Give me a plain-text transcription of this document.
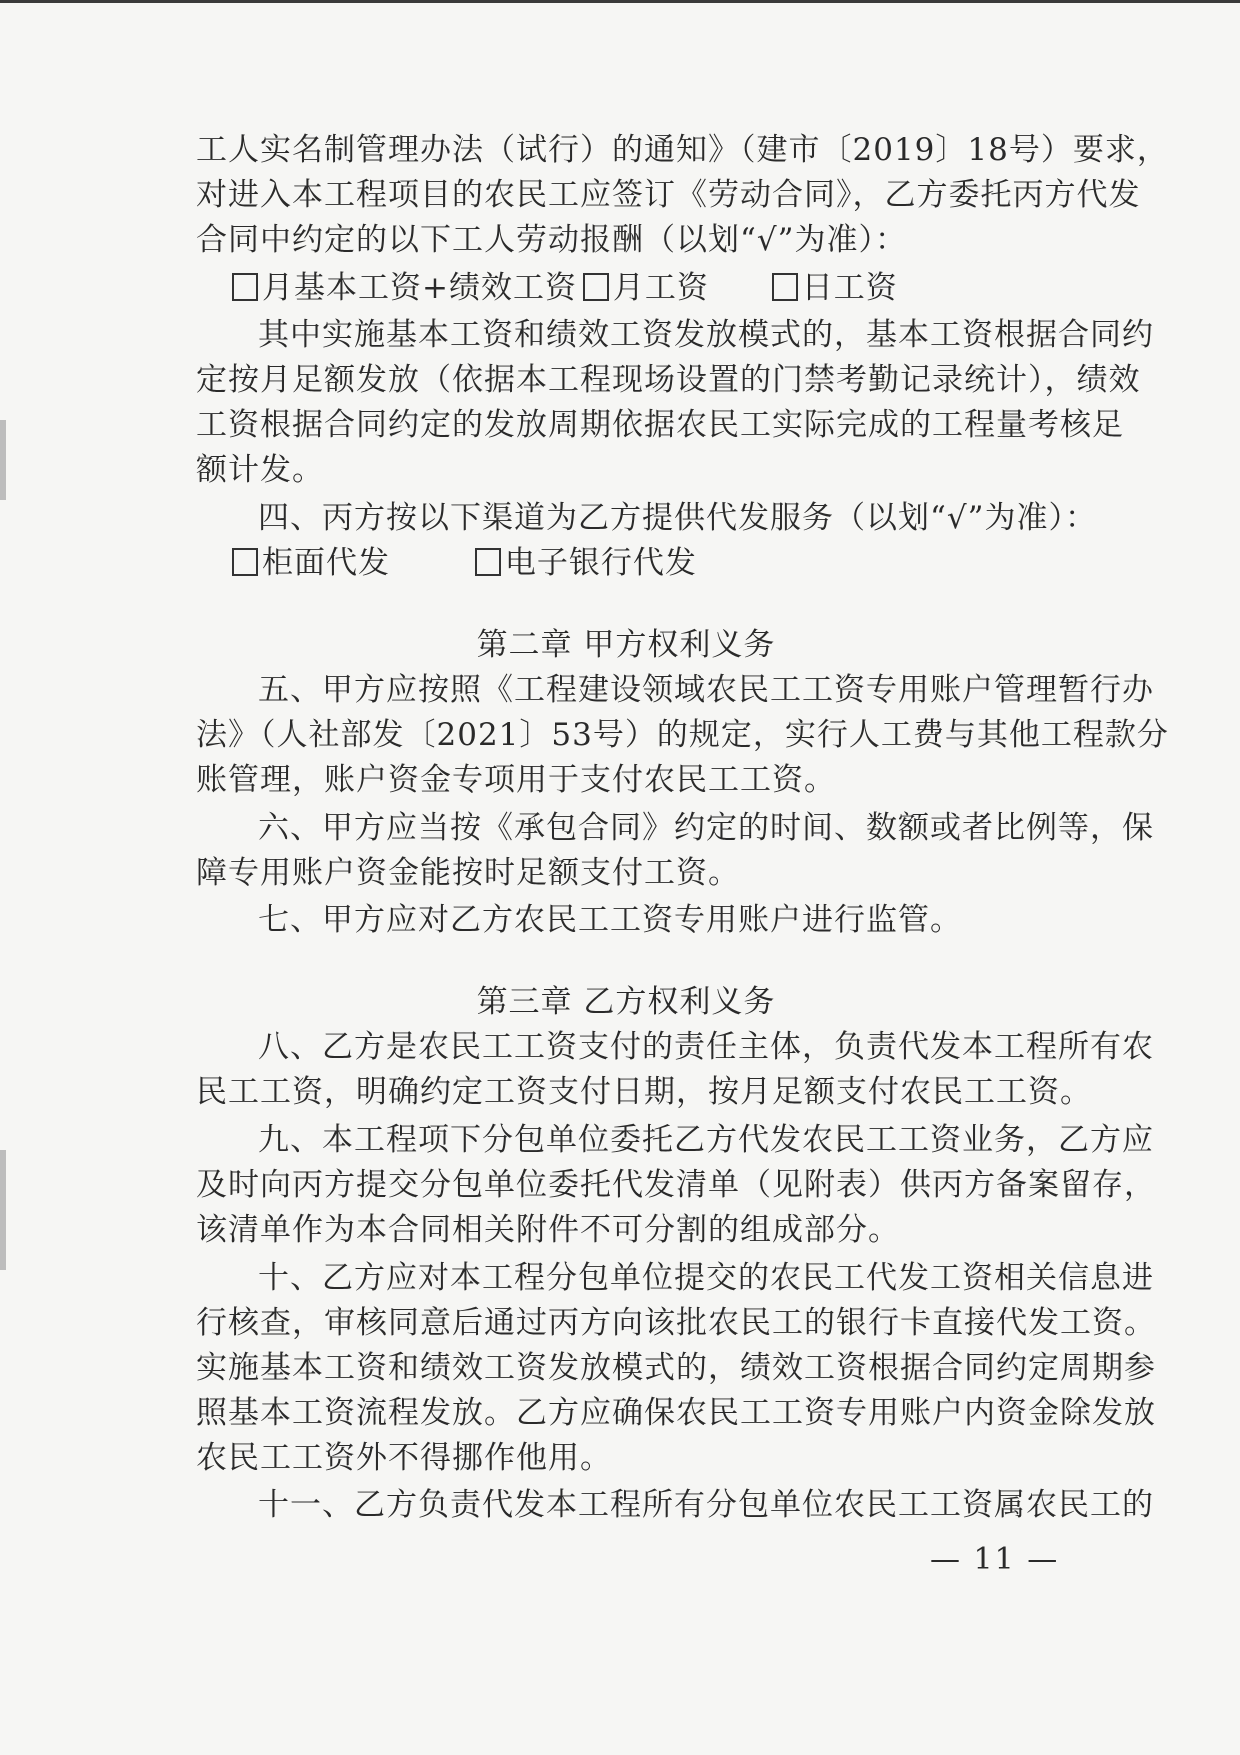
工人实名制管理办法（试行）的通知》（建市〔2019〕18号）要求，
对进入本工程项目的农民工应签订《劳动合同》，乙方委托丙方代发
合同中约定的以下工人劳动报酬（以划“√”为准）：
月基本工资+绩效工资 月工资	日工资
其中实施基本工资和绩效工资发放模式的，基本工资根据合同约
定按月足额发放（依据本工程现场设置的门禁考勤记录统计），绩效
工资根据合同约定的发放周期依据农民工实际完成的工程量考核足
额计发。
四、丙方按以下渠道为乙方提供代发服务（以划“√”为准）：
柜面代发	电子银行代发
第二章 甲方权利义务
五、甲方应按照《工程建设领域农民工工资专用账户管理暂行办
法》（人社部发〔2021〕53号）的规定，实行人工费与其他工程款分
账管理，账户资金专项用于支付农民工工资。
六、甲方应当按《承包合同》约定的时间、数额或者比例等，保
障专用账户资金能按时足额支付工资。
七、甲方应对乙方农民工工资专用账户进行监管。
第三章 乙方权利义务
八、乙方是农民工工资支付的责任主体，负责代发本工程所有农
民工工资，明确约定工资支付日期，按月足额支付农民工工资。
九、本工程项下分包单位委托乙方代发农民工工资业务，乙方应
及时向丙方提交分包单位委托代发清单（见附表）供丙方备案留存，
该清单作为本合同相关附件不可分割的组成部分。
十、乙方应对本工程分包单位提交的农民工代发工资相关信息进
行核查，审核同意后通过丙方向该批农民工的银行卡直接代发工资。
实施基本工资和绩效工资发放模式的，绩效工资根据合同约定周期参
照基本工资流程发放。乙方应确保农民工工资专用账户内资金除发放
农民工工资外不得挪作他用。
十一、乙方负责代发本工程所有分包单位农民工工资属农民工的
— 11 —
